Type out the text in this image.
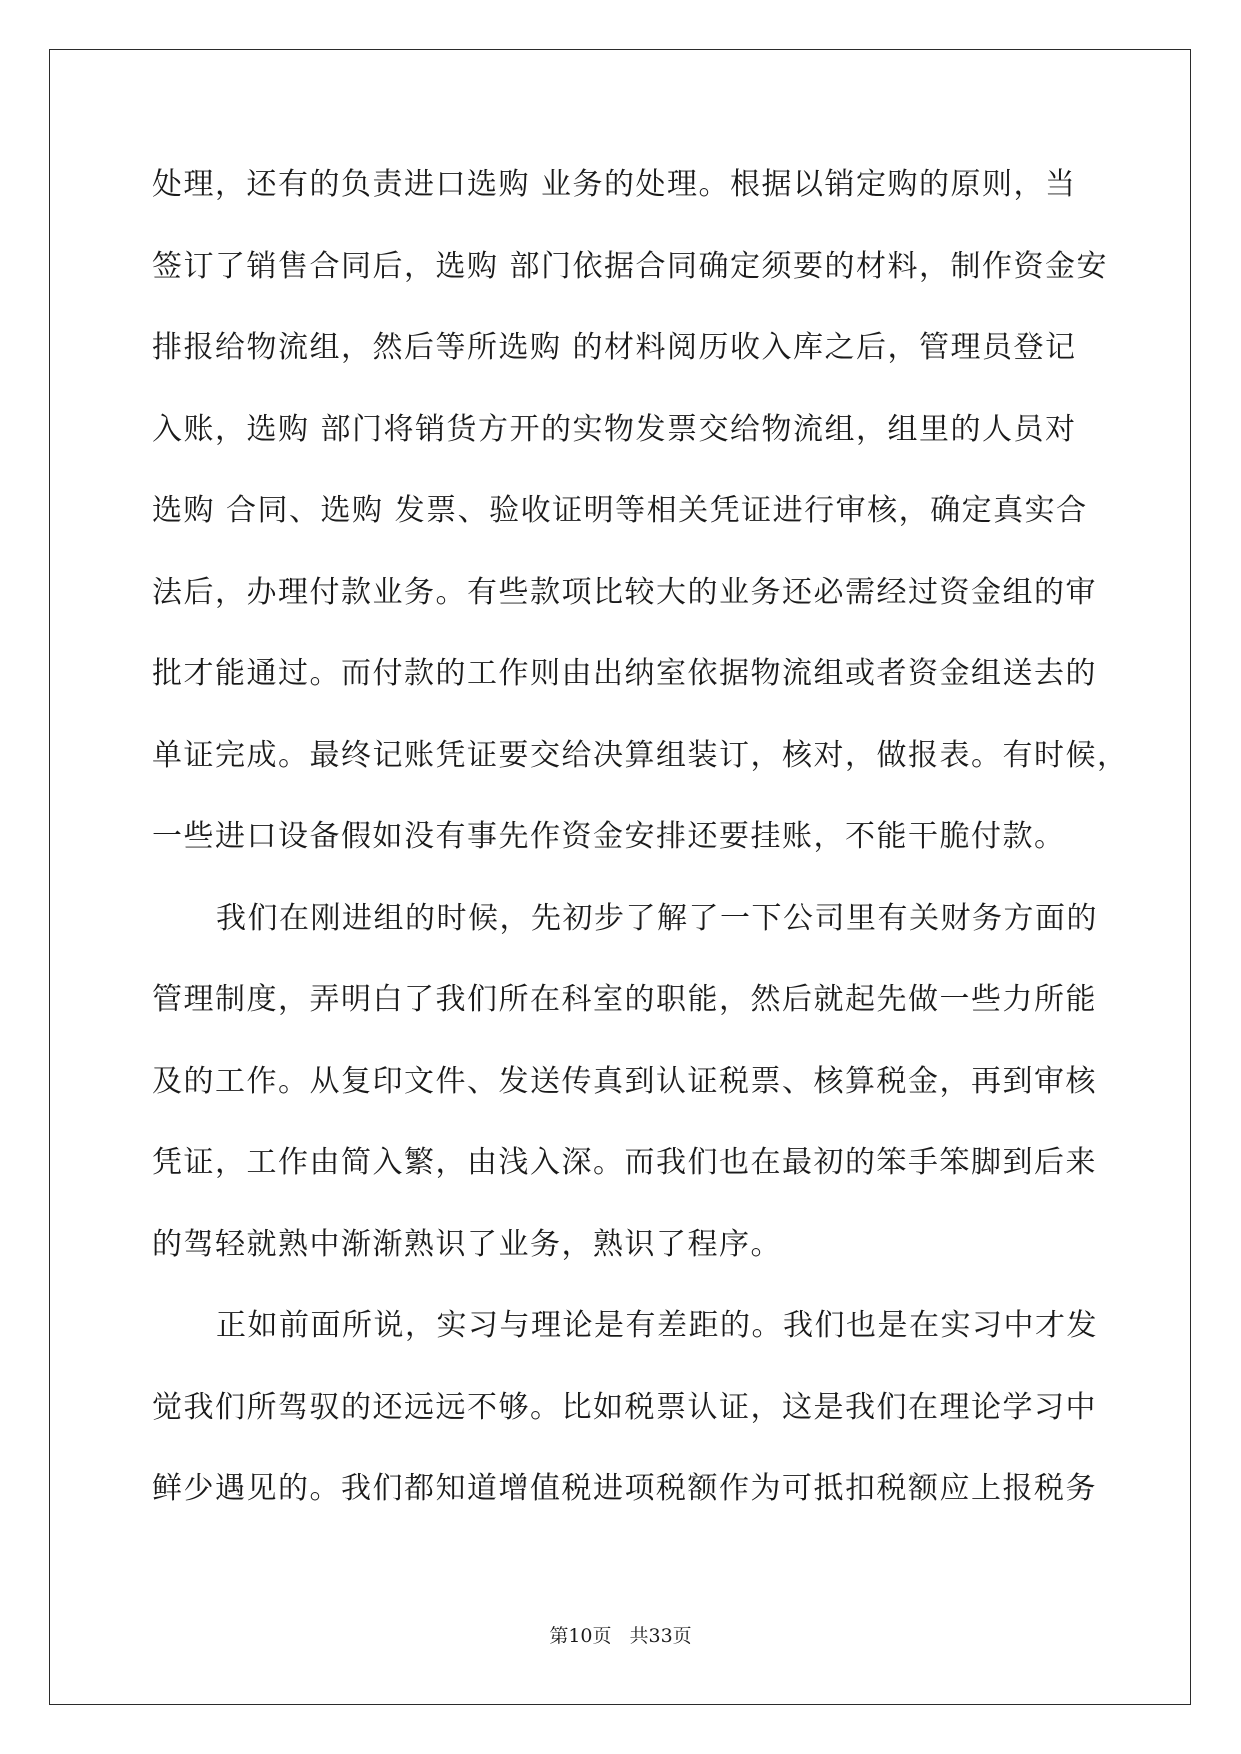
处理，还有的负责进口选购 业务的处理。根据以销定购的原则，当
签订了销售合同后，选购 部门依据合同确定须要的材料，制作资金安
排报给物流组，然后等所选购 的材料阅历收入库之后，管理员登记
入账，选购 部门将销货方开的实物发票交给物流组，组里的人员对
选购 合同、选购 发票、验收证明等相关凭证进行审核，确定真实合
法后，办理付款业务。有些款项比较大的业务还必需经过资金组的审
批才能通过。而付款的工作则由出纳室依据物流组或者资金组送去的
单证完成。最终记账凭证要交给决算组装订，核对，做报表。有时候，
一些进口设备假如没有事先作资金安排还要挂账，不能干脆付款。
我们在刚进组的时候，先初步了解了一下公司里有关财务方面的
管理制度，弄明白了我们所在科室的职能，然后就起先做一些力所能
及的工作。从复印文件、发送传真到认证税票、核算税金，再到审核
凭证，工作由简入繁，由浅入深。而我们也在最初的笨手笨脚到后来
的驾轻就熟中渐渐熟识了业务，熟识了程序。
正如前面所说，实习与理论是有差距的。我们也是在实习中才发
觉我们所驾驭的还远远不够。比如税票认证，这是我们在理论学习中
鲜少遇见的。我们都知道增值税进项税额作为可抵扣税额应上报税务
第10页 共33页
